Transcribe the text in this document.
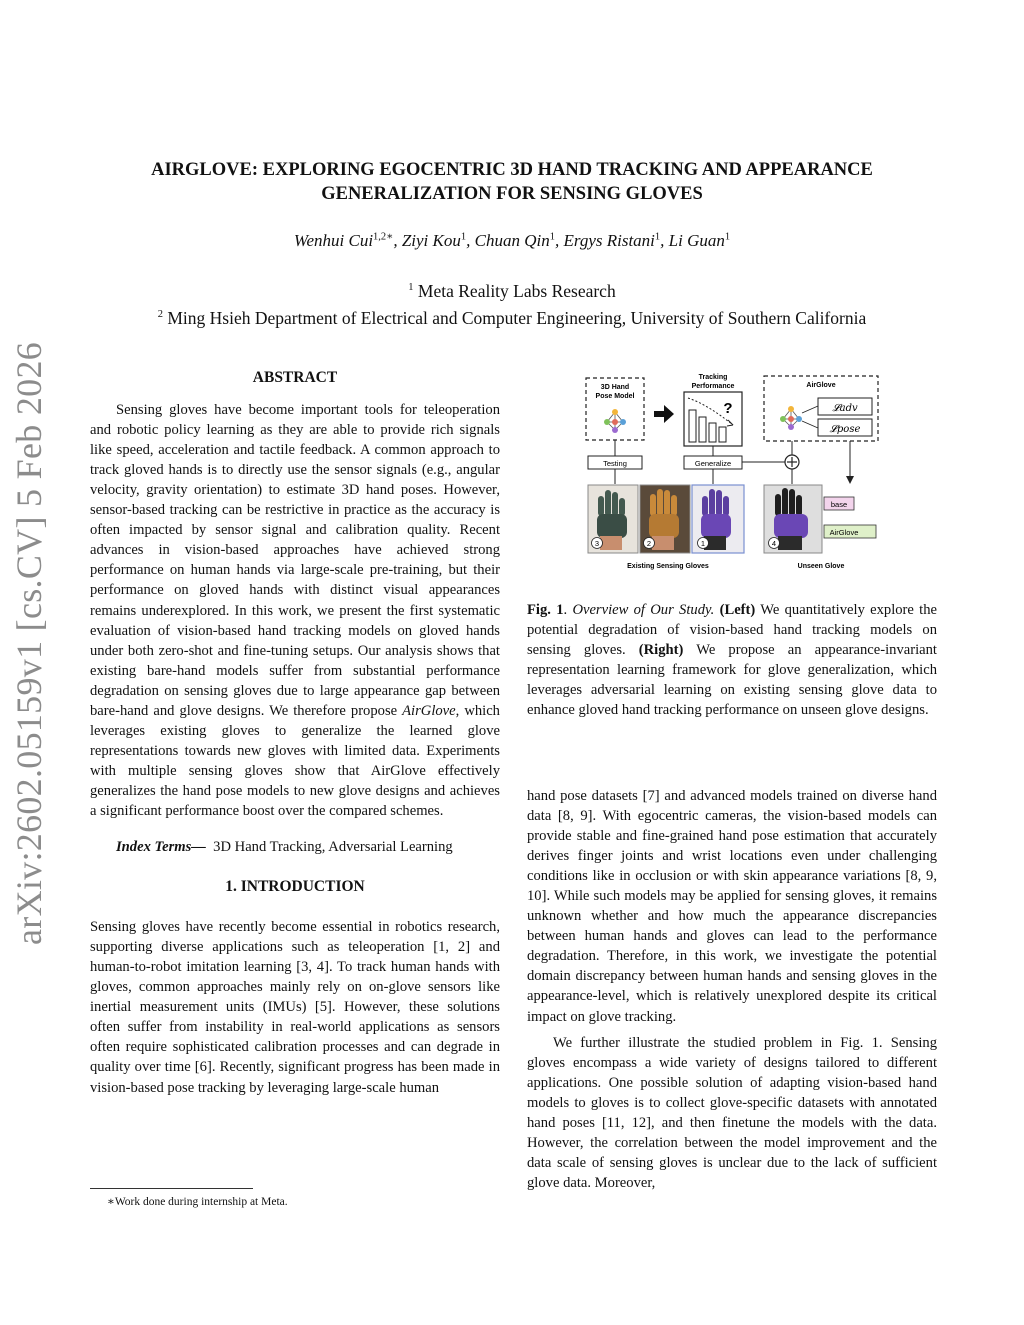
arXiv:2602.05159v1 [cs.CV] 5 Feb 2026
AIRGLOVE: EXPLORING EGOCENTRIC 3D HAND TRACKING AND APPEARANCE
GENERALIZATION FOR SENSING GLOVES
Wenhui Cui$^{1,2∗}$, Ziyi Kou$^1$, Chuan Qin$^1$, Ergys Ristani$^1$, Li Guan$^1$
$^1$ Meta Reality Labs Research
$^2$ Ming Hsieh Department of Electrical and Computer Engineering, University of Southern California

ABSTRACT

Sensing gloves have become important tools for teleoperation and robotic policy learning as they are able to provide rich signals like speed, acceleration and tactile feedback. A common approach to track gloved hands is to directly use the sensor signals (e.g., angular velocity, gravity orientation) to estimate 3D hand poses. However, sensor-based tracking can be restrictive in practice as the accuracy is often impacted by sensor signal and calibration quality. Recent advances in vision-based approaches have achieved strong performance on human hands via large-scale pre-training, but their performance on gloved hands with distinct visual appearances remains underexplored. In this work, we present the first systematic evaluation of vision-based hand tracking models on gloved hands under both zero-shot and fine-tuning setups. Our analysis shows that existing bare-hand models suffer from substantial performance degradation on sensing gloves due to large appearance gap between bare-hand and glove designs. We therefore propose AirGlove, which leverages existing gloves to generalize the learned glove representations towards new gloves with limited data. Experiments with multiple sensing gloves show that AirGlove effectively generalizes the hand pose models to new glove designs and achieves a significant performance boost over the compared schemes.

Index Terms— 3D Hand Tracking, Adversarial Learning

1. INTRODUCTION

Sensing gloves have recently become essential in robotics research, supporting diverse applications such as teleoperation [1, 2] and human-to-robot imitation learning [3, 4]. To track human hands with gloves, common approaches mainly rely on on-glove sensors like inertial measurement units (IMUs) [5]. However, these solutions often suffer from instability in real-world applications as sensors often require sophisticated calibration processes and can degrade in quality over time [6]. Recently, significant progress has been made in vision-based pose tracking by leveraging large-scale human

∗Work done during internship at Meta.
3D Hand
Pose Model
Tracking
Performance
?
AirGlove
𝓛adv
𝓛pose
Testing	Generalize
3	2	1	4
base
AirGlove
Existing Sensing Gloves	Unseen Glove
Fig. 1. Overview of Our Study. (Left) We quantitatively explore the potential degradation of vision-based hand tracking models on sensing gloves. (Right) We propose an appearance-invariant representation learning framework for glove generalization, which leverages adversarial learning on existing sensing glove data to enhance gloved hand tracking performance on unseen glove designs.

hand pose datasets [7] and advanced models trained on diverse hand data [8, 9]. With egocentric cameras, the vision-based models can provide stable and fine-grained hand pose estimation that accurately derives finger joints and wrist locations even under challenging conditions like in occlusion or with skin appearance variations [8, 9, 10]. While such models may be applied for sensing gloves, it remains unknown whether and how much the appearance discrepancies between human hands and gloves can lead to the performance degradation. Therefore, in this work, we investigate the potential domain discrepancy between human hands and sensing gloves in the appearance-level, which is relatively unexplored despite its critical impact on glove tracking.

We further illustrate the studied problem in Fig. 1. Sensing gloves encompass a wide variety of designs tailored to different applications. One possible solution of adapting vision-based hand models to gloves is to collect glove-specific datasets with annotated hand poses [11, 12], and then finetune the models with the data. However, the correlation between the model improvement and the data scale of sensing gloves is unclear due to the lack of sufficient glove data. Moreover,
